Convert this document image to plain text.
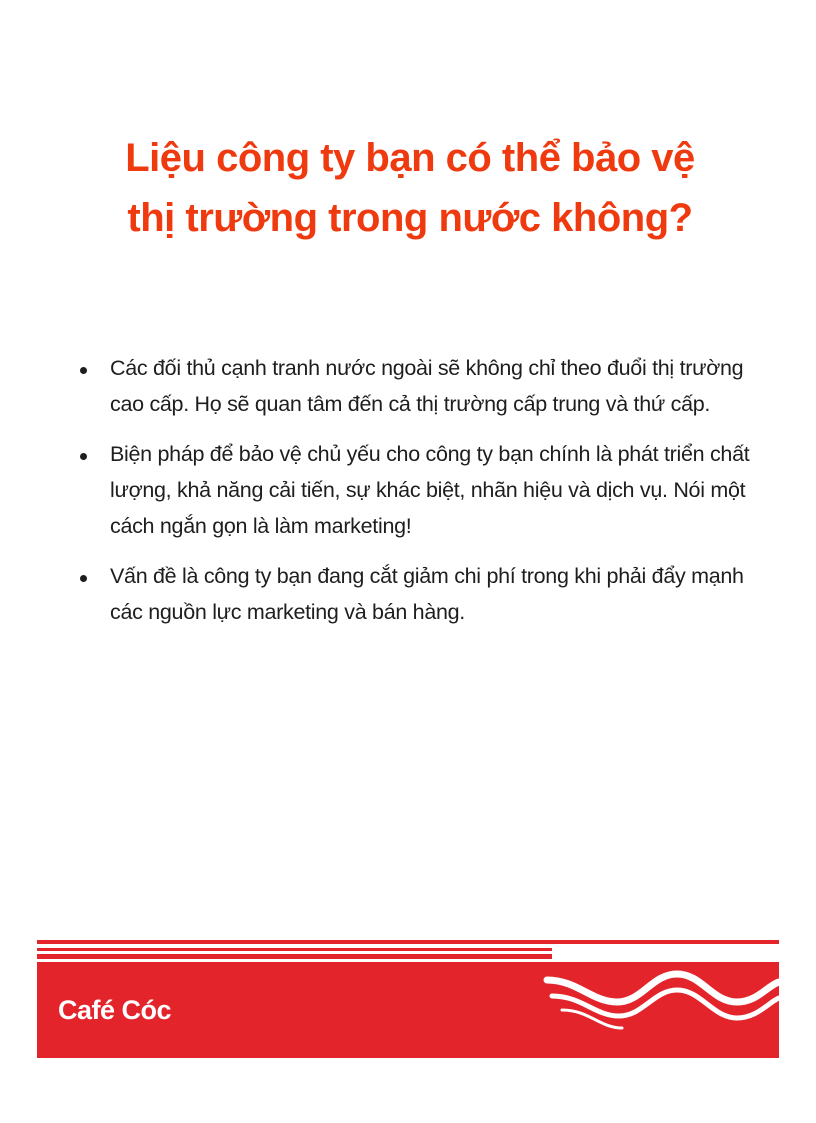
Liệu công ty bạn có thể bảo vệ
thị trường trong nước không?
Các đối thủ cạnh tranh nước ngoài sẽ không chỉ theo đuổi thị trường cao cấp. Họ sẽ quan tâm đến cả thị trường cấp trung và thứ cấp.
Biện pháp để bảo vệ chủ yếu cho công ty bạn chính là phát triển chất lượng, khả năng cải tiến, sự khác biệt, nhãn hiệu và dịch vụ. Nói một cách ngắn gọn là làm marketing!
Vấn đề là công ty bạn đang cắt giảm chi phí trong khi phải đẩy mạnh các nguồn lực marketing và bán hàng.
Café Cóc
